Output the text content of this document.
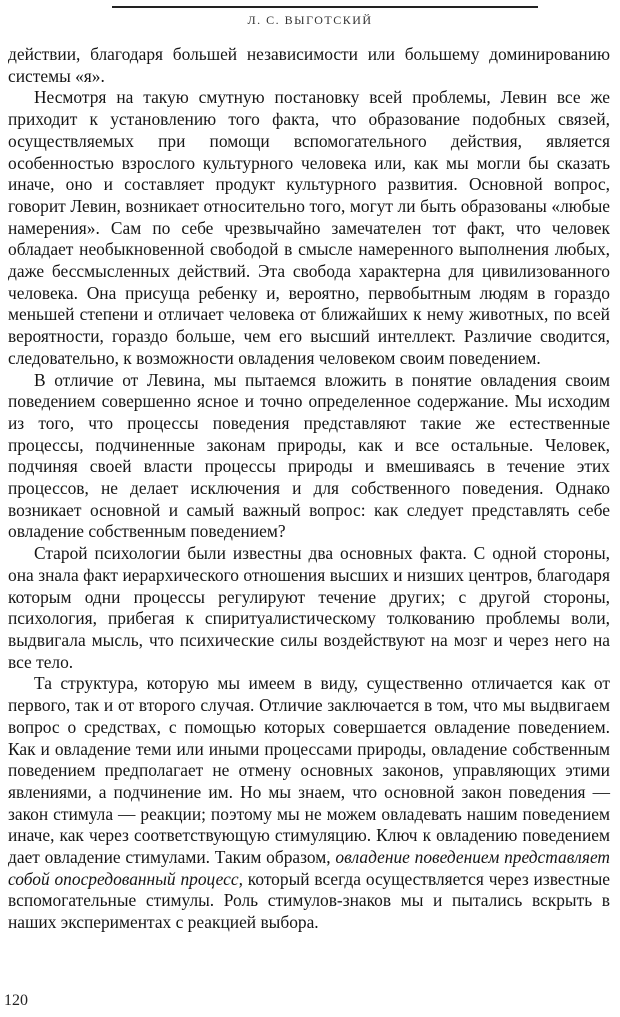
Л. С. ВЫГОТСКИЙ

действии, благодаря большей независимости или большему доминированию системы «я».

Несмотря на такую смутную постановку всей проблемы, Левин все же приходит к установлению того факта, что образование подобных связей, осуществляемых при помощи вспомогательного действия, является особенностью взрослого культурного человека или, как мы могли бы сказать иначе, оно и составляет продукт культурного развития. Основной вопрос, говорит Левин, возникает относительно того, могут ли быть образованы «любые намерения». Сам по себе чрезвычайно замечателен тот факт, что человек обладает необыкновенной свободой в смысле намеренного выполнения любых, даже бессмысленных действий. Эта свобода характерна для цивилизованного человека. Она присуща ребенку и, вероятно, первобытным людям в гораздо меньшей степени и отличает человека от ближайших к нему животных, по всей вероятности, гораздо больше, чем его высший интеллект. Различие сводится, следовательно, к возможности овладения человеком своим поведением.

В отличие от Левина, мы пытаемся вложить в понятие овладения своим поведением совершенно ясное и точно определенное содержание. Мы исходим из того, что процессы поведения представляют такие же естественные процессы, подчиненные законам природы, как и все остальные. Человек, подчиняя своей власти процессы природы и вмешиваясь в течение этих процессов, не делает исключения и для собственного поведения. Однако возникает основной и самый важный вопрос: как следует представлять себе овладение собственным поведением?

Старой психологии были известны два основных факта. С одной стороны, она знала факт иерархического отношения высших и низших центров, благодаря которым одни процессы регулируют течение других; с другой стороны, психология, прибегая к спиритуалистическому толкованию проблемы воли, выдвигала мысль, что психические силы воздействуют на мозг и через него на все тело.

Та структура, которую мы имеем в виду, существенно отличается как от первого, так и от второго случая. Отличие заключается в том, что мы выдвигаем вопрос о средствах, с помощью которых совершается овладение поведением. Как и овладение теми или иными процессами природы, овладение собственным поведением предполагает не отмену основных законов, управляющих этими явлениями, а подчинение им. Но мы знаем, что основной закон поведения — закон стимула — реакции; поэтому мы не можем овладевать нашим поведением иначе, как через соответствующую стимуляцию. Ключ к овладению поведением дает овладение стимулами. Таким образом, овладение поведением представляет собой опосредованный процесс, который всегда осуществляется через известные вспомогательные стимулы. Роль стимулов-знаков мы и пытались вскрыть в наших экспериментах с реакцией выбора.

120
